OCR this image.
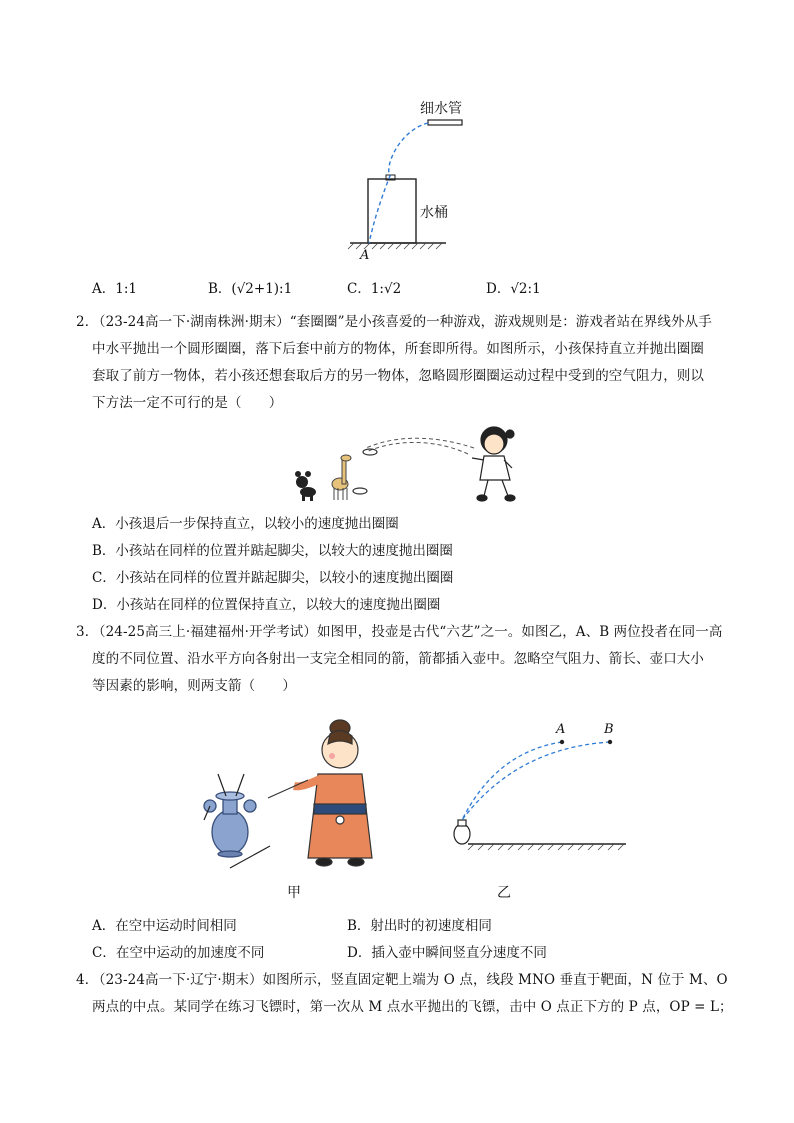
细水管
水桶
A
A．1:1	B．(√2+1):1	C．1:√2	D．√2:1
2．
（23-24高一下·湖南株洲·期末）“套圈圈”是小孩喜爱的一种游戏，游戏规则是：游戏者站在界线外从手
中水平抛出一个圆形圈圈，落下后套中前方的物体，所套即所得。如图所示，小孩保持直立并抛出圈圈
套取了前方一物体，若小孩还想套取后方的另一物体，忽略圆形圈圈运动过程中受到的空气阻力，则以
下方法一定不可行的是（　　）
A．小孩退后一步保持直立，以较小的速度抛出圈圈
B．小孩站在同样的位置并踮起脚尖，以较大的速度抛出圈圈
C．小孩站在同样的位置并踮起脚尖，以较小的速度抛出圈圈
D．小孩站在同样的位置保持直立，以较大的速度抛出圈圈
3．
（24-25高三上·福建福州·开学考试）如图甲，投壶是古代“六艺”之一。如图乙，A、B 两位投者在同一高
度的不同位置、沿水平方向各射出一支完全相同的箭，箭都插入壶中。忽略空气阻力、箭长、壶口大小
等因素的影响，则两支箭（　　）
甲
A	B
乙
A．在空中运动时间相同	B．射出时的初速度相同
C．在空中运动的加速度不同	D．插入壶中瞬间竖直分速度不同
4．
（23-24高一下·辽宁·期末）如图所示，竖直固定靶上端为 O 点，线段 MNO 垂直于靶面，N 位于 M、O
两点的中点。某同学在练习飞镖时，第一次从 M 点水平抛出的飞镖，击中 O 点正下方的 P 点，OP = L；
